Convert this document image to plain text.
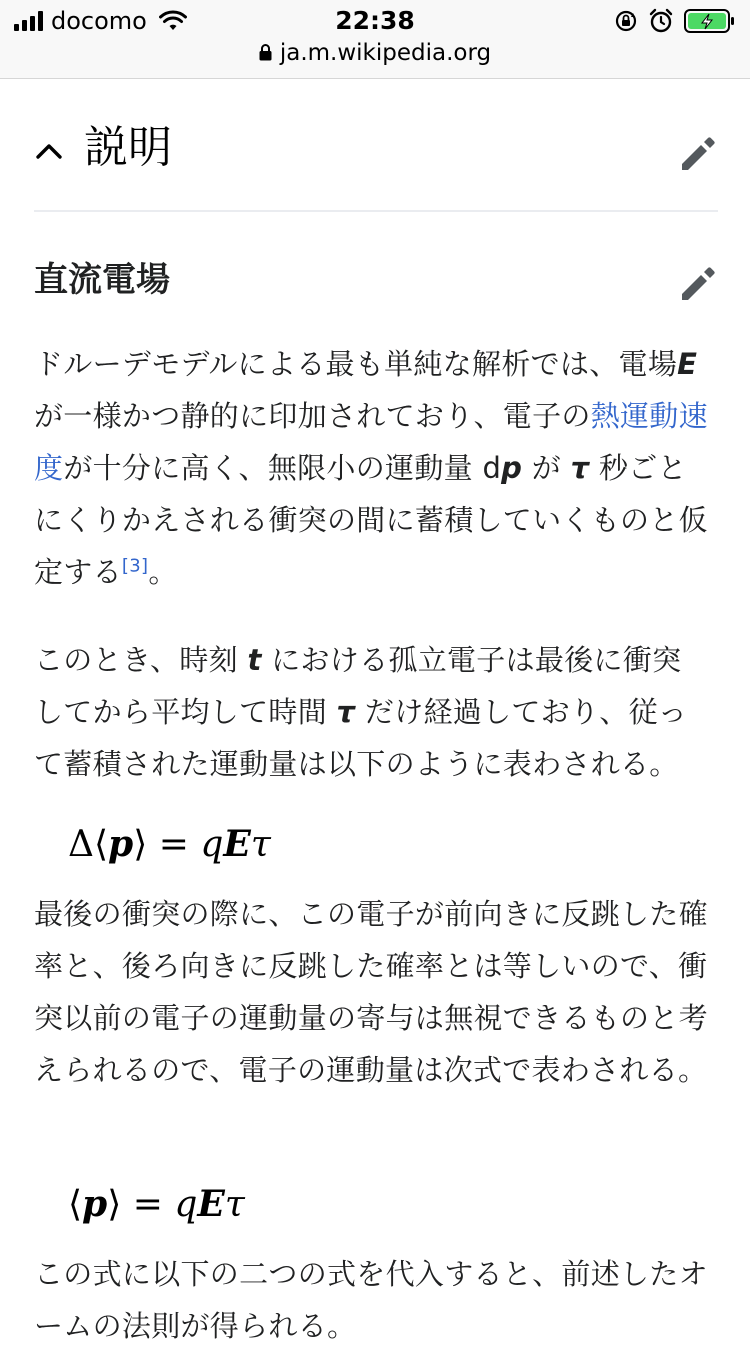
docomo	22:38
ja.m.wikipedia.org
説明
直流電場

ドルーデモデルによる最も単純な解析では、電場E が一様かつ静的に印加されており、電子の熱運動速度が十分に高く、無限小の運動量 dp が τ 秒ごとにくりかえされる衝突の間に蓄積していくものと仮定する[3]。

このとき、時刻 t における孤立電子は最後に衝突してから平均して時間 τ だけ経過しており、従って蓄積された運動量は以下のように表わされる。

Δ⟨p⟩ = qEτ

最後の衝突の際に、この電子が前向きに反跳した確率と、後ろ向きに反跳した確率とは等しいので、衝突以前の電子の運動量の寄与は無視できるものと考えられるので、電子の運動量は次式で表わされる。

⟨p⟩ = qEτ

この式に以下の二つの式を代入すると、前述したオームの法則が得られる。
